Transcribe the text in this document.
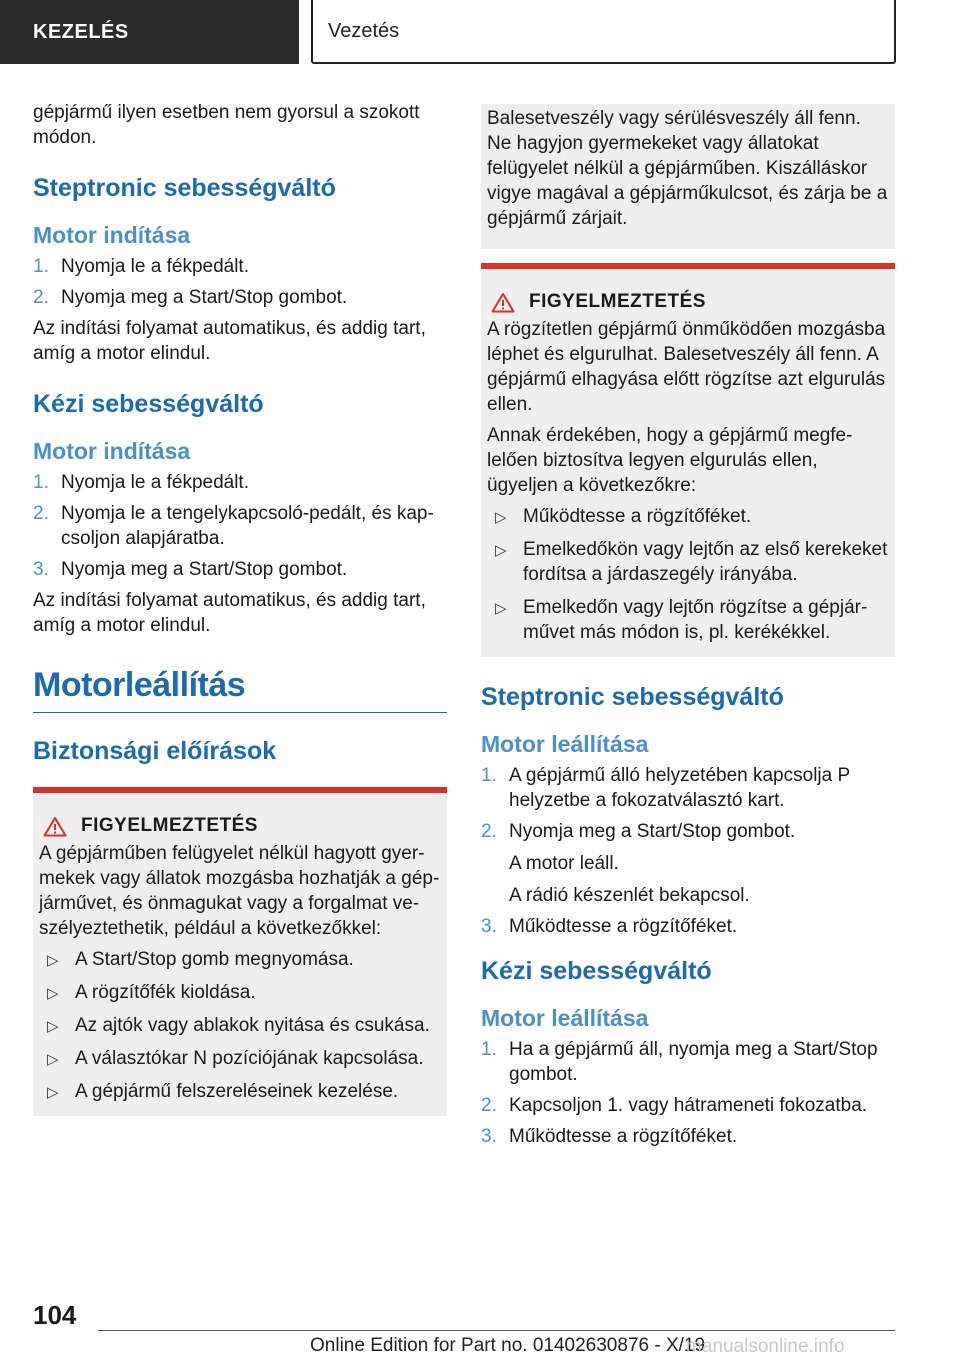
KEZELÉS	Vezetés

gépjármű ilyen esetben nem gyorsul a szokott módon.

Steptronic sebességváltó
Motor indítása
1. Nyomja le a fékpedált.
2. Nyomja meg a Start/Stop gombot.

Az indítási folyamat automatikus, és addig tart, amíg a motor elindul.

Kézi sebességváltó
Motor indítása
1. Nyomja le a fékpedált.
2. Nyomja le a tengelykapcsoló-pedált, és kapcsoljon alapjáratba.
3. Nyomja meg a Start/Stop gombot.

Az indítási folyamat automatikus, és addig tart, amíg a motor elindul.

Motorleállítás
Biztonsági előírások
FIGYELMEZTETÉS

A gépjárműben felügyelet nélkül hagyott gyermekek vagy állatok mozgásba hozhatják a gépjárművet, és önmagukat vagy a forgalmat veszélyeztethetik, például a következőkkel:

▷ A Start/Stop gomb megnyomása.
▷ A rögzítőfék kioldása.
▷ Az ajtók vagy ablakok nyitása és csukása.
▷ A választókar N pozíciójának kapcsolása.
▷ A gépjármű felszereléseinek kezelése.

Balesetveszély vagy sérülésveszély áll fenn. Ne hagyjon gyermekeket vagy állatokat felügyelet nélkül a gépjárműben. Kiszálláskor vigye magával a gépjárműkulcsot, és zárja be a gépjármű zárjait.

FIGYELMEZTETÉS

A rögzítetlen gépjármű önműködően mozgásba léphet és elgurulhat. Balesetveszély áll fenn. A gépjármű elhagyása előtt rögzítse azt elgurulás ellen.

Annak érdekében, hogy a gépjármű megfelelően biztosítva legyen elgurulás ellen, ügyeljen a következőkre:

▷ Működtesse a rögzítőféket.
▷ Emelkedőkön vagy lejtőn az első kerekeket fordítsa a járdaszegély irányába.
▷ Emelkedőn vagy lejtőn rögzítse a gépjárművet más módon is, pl. kerékékkel.
Steptronic sebességváltó
Motor leállítása
1. A gépjármű álló helyzetében kapcsolja P helyzetbe a fokozatválasztó kart.
2. Nyomja meg a Start/Stop gombot.
A motor leáll.
A rádió készenlét bekapcsol.
3. Működtesse a rögzítőféket.
Kézi sebességváltó
Motor leállítása
1. Ha a gépjármű áll, nyomja meg a Start/Stop gombot.
2. Kapcsoljon 1. vagy hátrameneti fokozatba.
3. Működtesse a rögzítőféket.
104
Online Edition for Part no. 01402630876 - X/19
manualsonline.info
